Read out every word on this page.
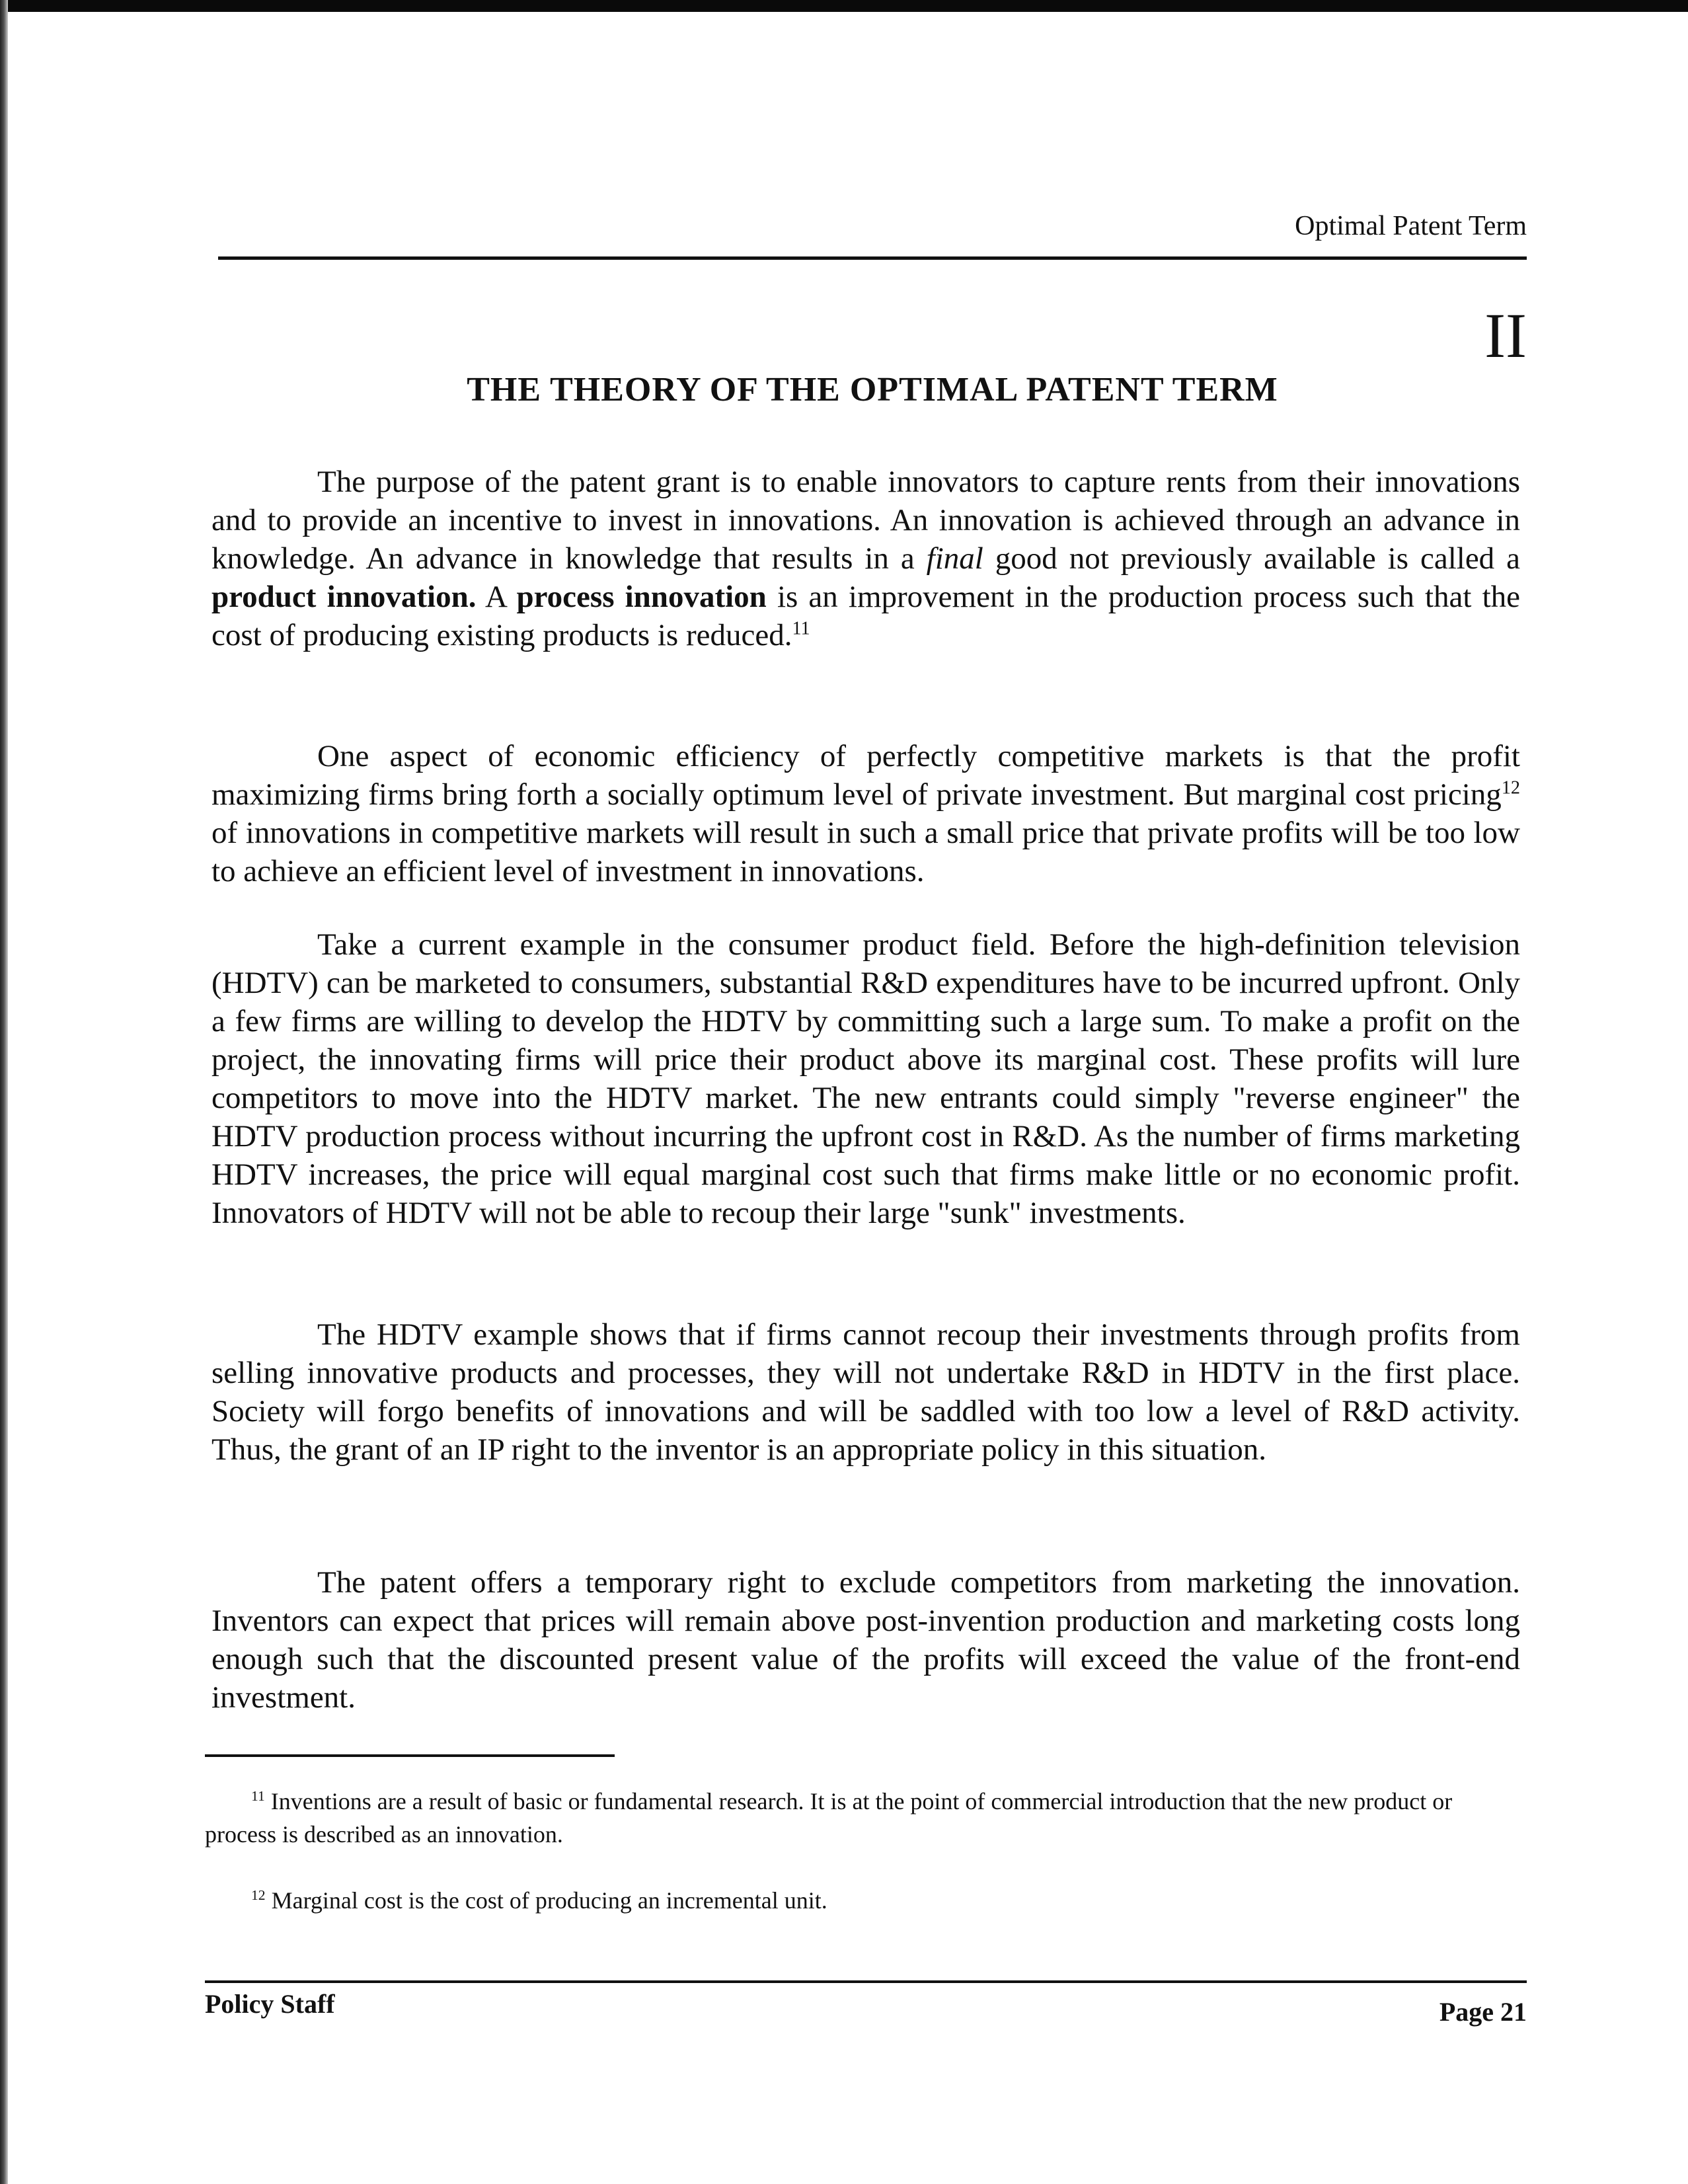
Optimal Patent Term
II
THE THEORY OF THE OPTIMAL PATENT TERM

The purpose of the patent grant is to enable innovators to capture rents from their innovations and to provide an incentive to invest in innovations. An innovation is achieved through an advance in knowledge. An advance in knowledge that results in a final good not previously available is called a product innovation. A process innovation is an improvement in the production process such that the cost of producing existing products is reduced.$^{11}$

One aspect of economic efficiency of perfectly competitive markets is that the profit maximizing firms bring forth a socially optimum level of private investment. But marginal cost pricing$^{12}$ of innovations in competitive markets will result in such a small price that private profits will be too low to achieve an efficient level of investment in innovations.

Take a current example in the consumer product field. Before the high-definition television (HDTV) can be marketed to consumers, substantial R&D expenditures have to be incurred upfront. Only a few firms are willing to develop the HDTV by committing such a large sum. To make a profit on the project, the innovating firms will price their product above its marginal cost. These profits will lure competitors to move into the HDTV market. The new entrants could simply "reverse engineer" the HDTV production process without incurring the upfront cost in R&D. As the number of firms marketing HDTV increases, the price will equal marginal cost such that firms make little or no economic profit. Innovators of HDTV will not be able to recoup their large "sunk" investments.

The HDTV example shows that if firms cannot recoup their investments through profits from selling innovative products and processes, they will not undertake R&D in HDTV in the first place. Society will forgo benefits of innovations and will be saddled with too low a level of R&D activity. Thus, the grant of an IP right to the inventor is an appropriate policy in this situation.

The patent offers a temporary right to exclude competitors from marketing the innovation. Inventors can expect that prices will remain above post-invention production and marketing costs long enough such that the discounted present value of the profits will exceed the value of the front-end investment.

$^{11}$ Inventions are a result of basic or fundamental research. It is at the point of commercial introduction that the new product or process is described as an innovation.

$^{12}$ Marginal cost is the cost of producing an incremental unit.

Policy Staff	Page 21
